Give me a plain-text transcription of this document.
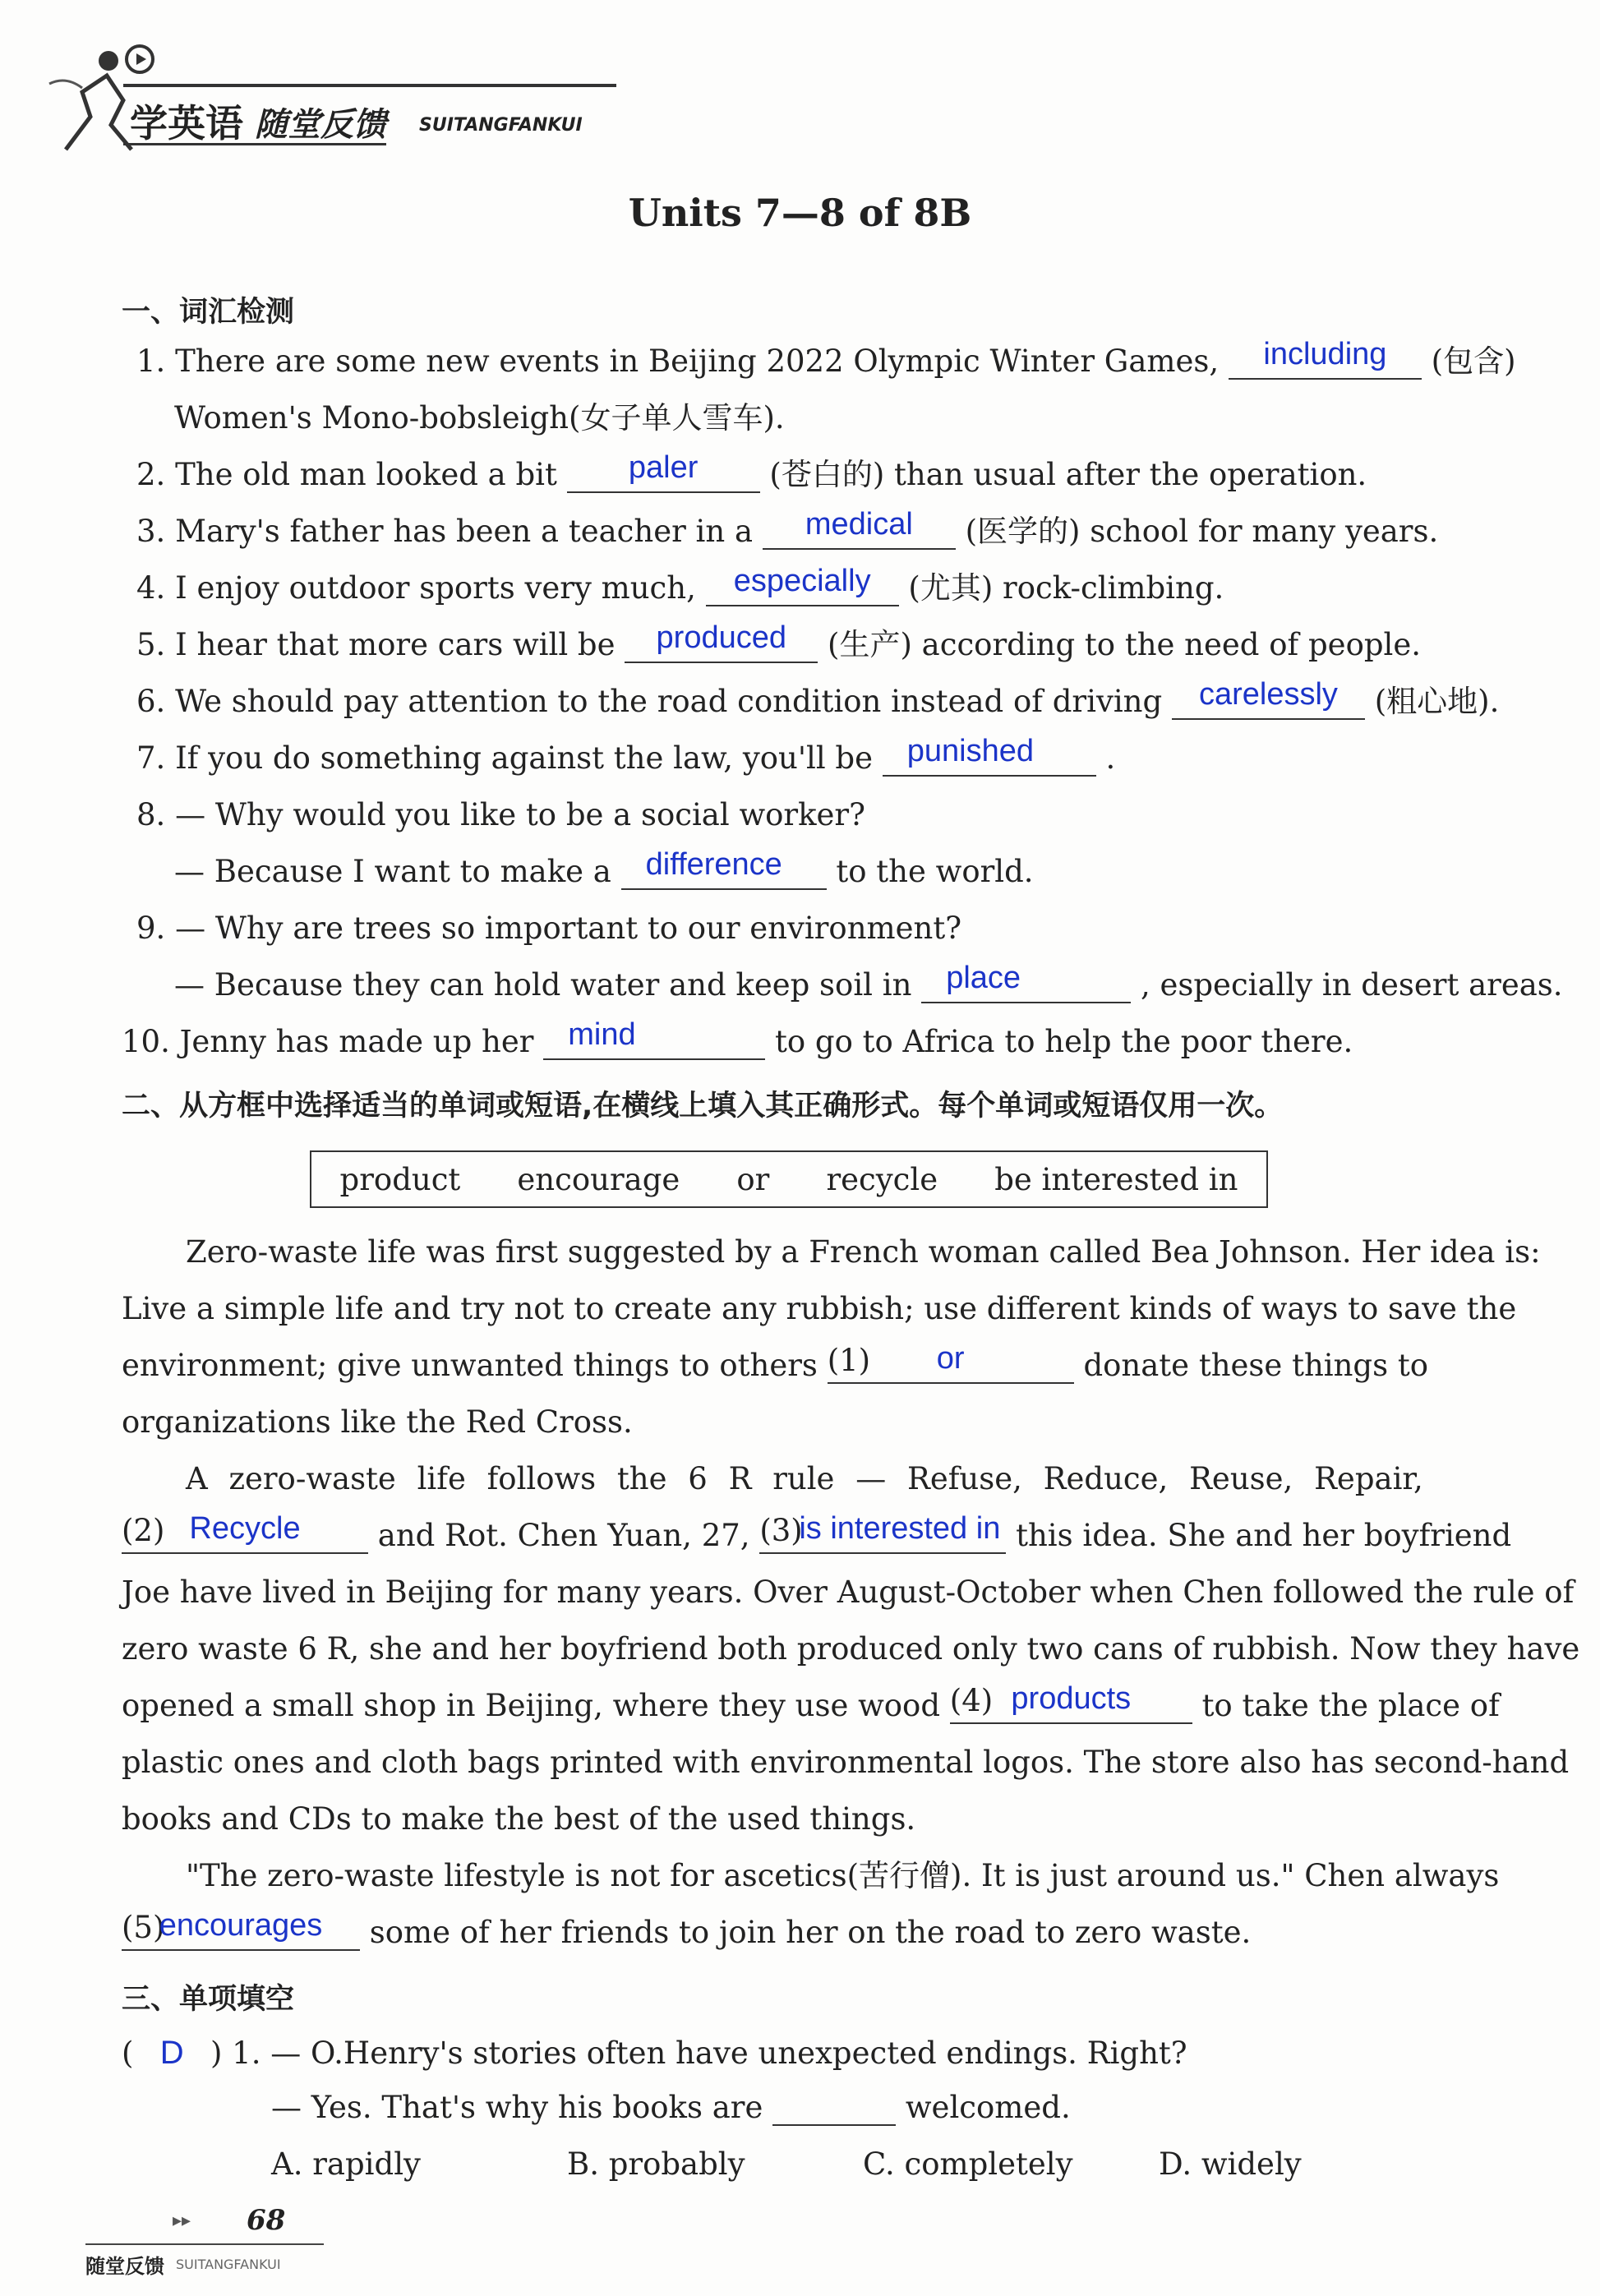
学英语 随堂反馈 SUITANGFANKUI
Units 7—8 of 8B
一、词汇检测
1. There are some new events in Beijing 2022 Olympic Winter Games,	including	(包含)
Women's Mono-bobsleigh(女子单人雪车).
2. The old man looked a bit	paler	(苍白的) than usual after the operation.
3. Mary's father has been a teacher in a	medical	(医学的) school for many years.
4. I enjoy outdoor sports very much,	especially	(尤其) rock-climbing.
5. I hear that more cars will be	produced	(生产) according to the need of people.
6. We should pay attention to the road condition instead of driving	carelessly	(粗心地).
7. If you do something against the law, you'll be punished	.
8. — Why would you like to be a social worker?
— Because I want to make a difference	to the world.
9. — Why are trees so important to our environment?
— Because they can hold water and keep soil in place	, especially in desert areas.
10. Jenny has made up her mind	to go to Africa to help the poor there.
二、从方框中选择适当的单词或短语,在横线上填入其正确形式。每个单词或短语仅用一次。
product encourage or recycle be interested in
Zero-waste life was first suggested by a French woman called Bea Johnson. Her idea is:
Live a simple life and try not to create any rubbish; use different kinds of ways to save the
environment; give unwanted things to others (1)	or	donate these things to
organizations like the Red Cross.
A zero-waste life follows the 6 R rule — Refuse, Reduce, Reuse, Repair,
(2) Recycle	and Rot. Chen Yuan, 27, (3)
is interested in this idea. She and her boyfriend
Joe have lived in Beijing for many years. Over August-October when Chen followed the rule of
zero waste 6 R, she and her boyfriend both produced only two cans of rubbish. Now they have
opened a small shop in Beijing, where they use wood (4) products	to take the place of
plastic ones and cloth bags printed with environmental logos. The store also has second-hand
books and CDs to make the best of the used things.
"The zero-waste lifestyle is not for ascetics(苦行僧). It is just around us." Chen always
(5)
encourages	some of her friends to join her on the road to zero waste.
三、单项填空
( D ) 1. — O.Henry's stories often have unexpected endings. Right?
— Yes. That's why his books are	welcomed.
A. rapidly	B. probably	C. completely	D. widely
▸▸ 68
随堂反馈 SUITANGFANKUI
